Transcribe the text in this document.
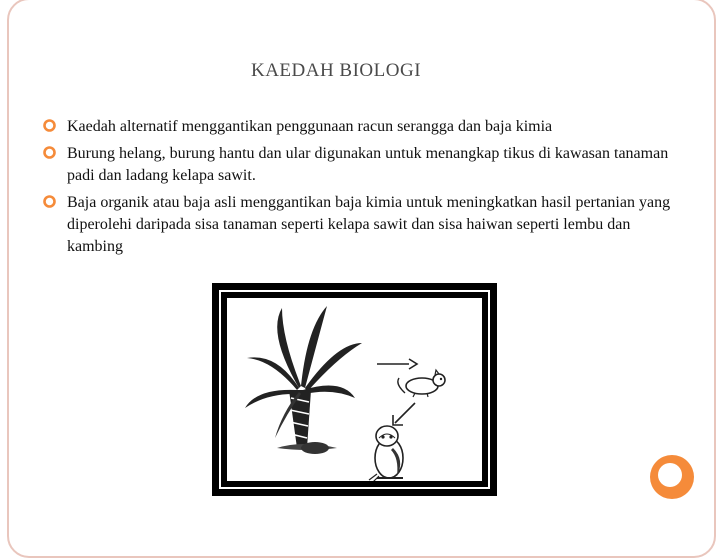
KAEDAH BIOLOGI
Kaedah alternatif menggantikan penggunaan racun serangga dan baja kimia
Burung helang, burung hantu dan ular digunakan untuk menangkap tikus di kawasan tanaman padi dan ladang kelapa sawit.
Baja organik atau baja asli menggantikan baja kimia untuk meningkatkan hasil pertanian yang diperolehi daripada sisa tanaman seperti kelapa sawit dan sisa haiwan seperti lembu dan kambing
